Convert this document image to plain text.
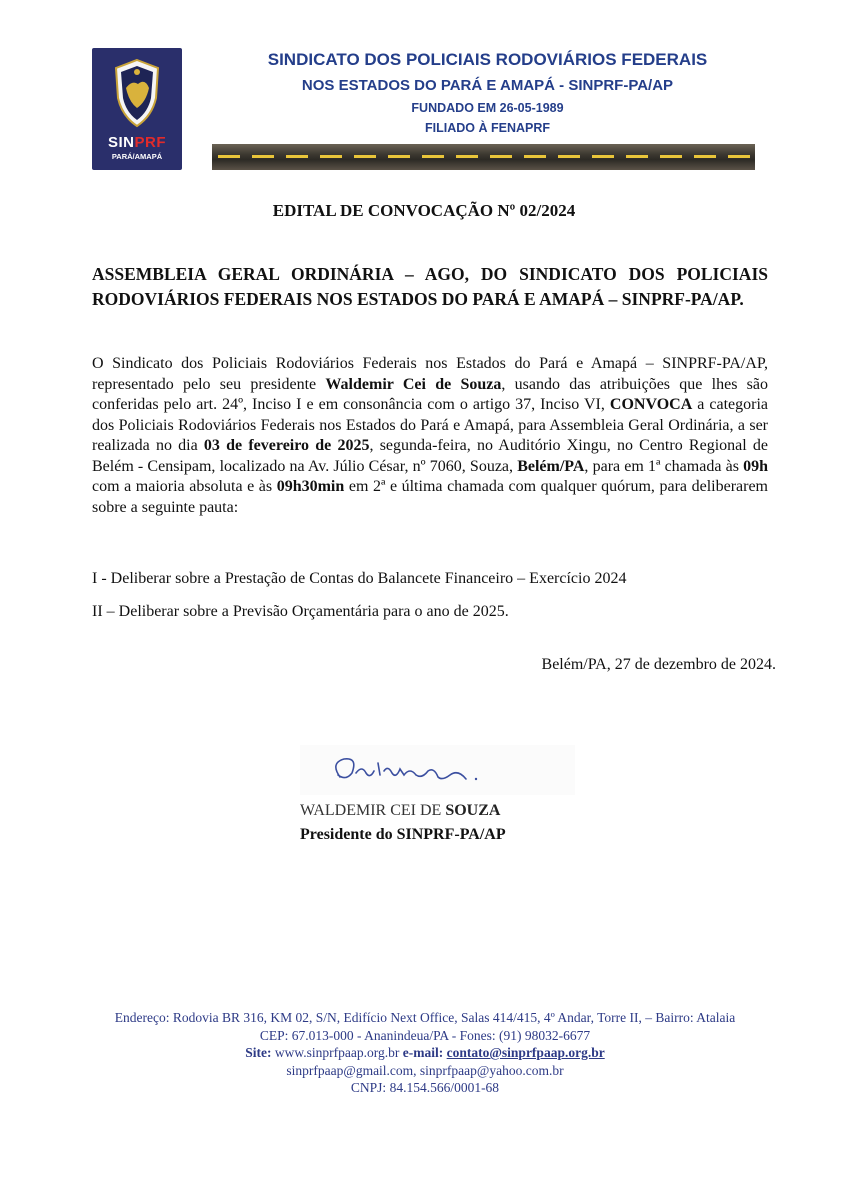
SINPRF
PARÁ/AMAPÁ
SINDICATO DOS POLICIAIS RODOVIÁRIOS FEDERAIS
NOS ESTADOS DO PARÁ E AMAPÁ - SINPRF-PA/AP
FUNDADO EM 26-05-1989
FILIADO À FENAPRF
EDITAL DE CONVOCAÇÃO Nº 02/2024
ASSEMBLEIA GERAL ORDINÁRIA – AGO, DO SINDICATO DOS POLICIAIS RODOVIÁRIOS FEDERAIS NOS ESTADOS DO PARÁ E AMAPÁ – SINPRF-PA/AP.
O Sindicato dos Policiais Rodoviários Federais nos Estados do Pará e Amapá – SINPRF-PA/AP, representado pelo seu presidente Waldemir Cei de Souza, usando das atribuições que lhes são conferidas pelo art. 24º, Inciso I e em consonância com o artigo 37, Inciso VI, CONVOCA a categoria dos Policiais Rodoviários Federais nos Estados do Pará e Amapá, para Assembleia Geral Ordinária, a ser realizada no dia 03 de fevereiro de 2025, segunda-feira, no Auditório Xingu, no Centro Regional de Belém - Censipam, localizado na Av. Júlio César, nº 7060, Souza, Belém/PA, para em 1ª chamada às 09h com a maioria absoluta e às 09h30min em 2ª e última chamada com qualquer quórum, para deliberarem sobre a seguinte pauta:
I - Deliberar sobre a Prestação de Contas do Balancete Financeiro – Exercício 2024
II – Deliberar sobre a Previsão Orçamentária para o ano de 2025.
Belém/PA, 27 de dezembro de 2024.
WALDEMIR CEI DE SOUZA
Presidente do SINPRF-PA/AP
Endereço: Rodovia BR 316, KM 02, S/N, Edifício Next Office, Salas 414/415, 4º Andar, Torre II, – Bairro: Atalaia
CEP: 67.013-000 - Ananindeua/PA - Fones: (91) 98032-6677
Site: www.sinprfpaap.org.br e-mail: contato@sinprfpaap.org.br
sinprfpaap@gmail.com, sinprfpaap@yahoo.com.br
CNPJ: 84.154.566/0001-68
